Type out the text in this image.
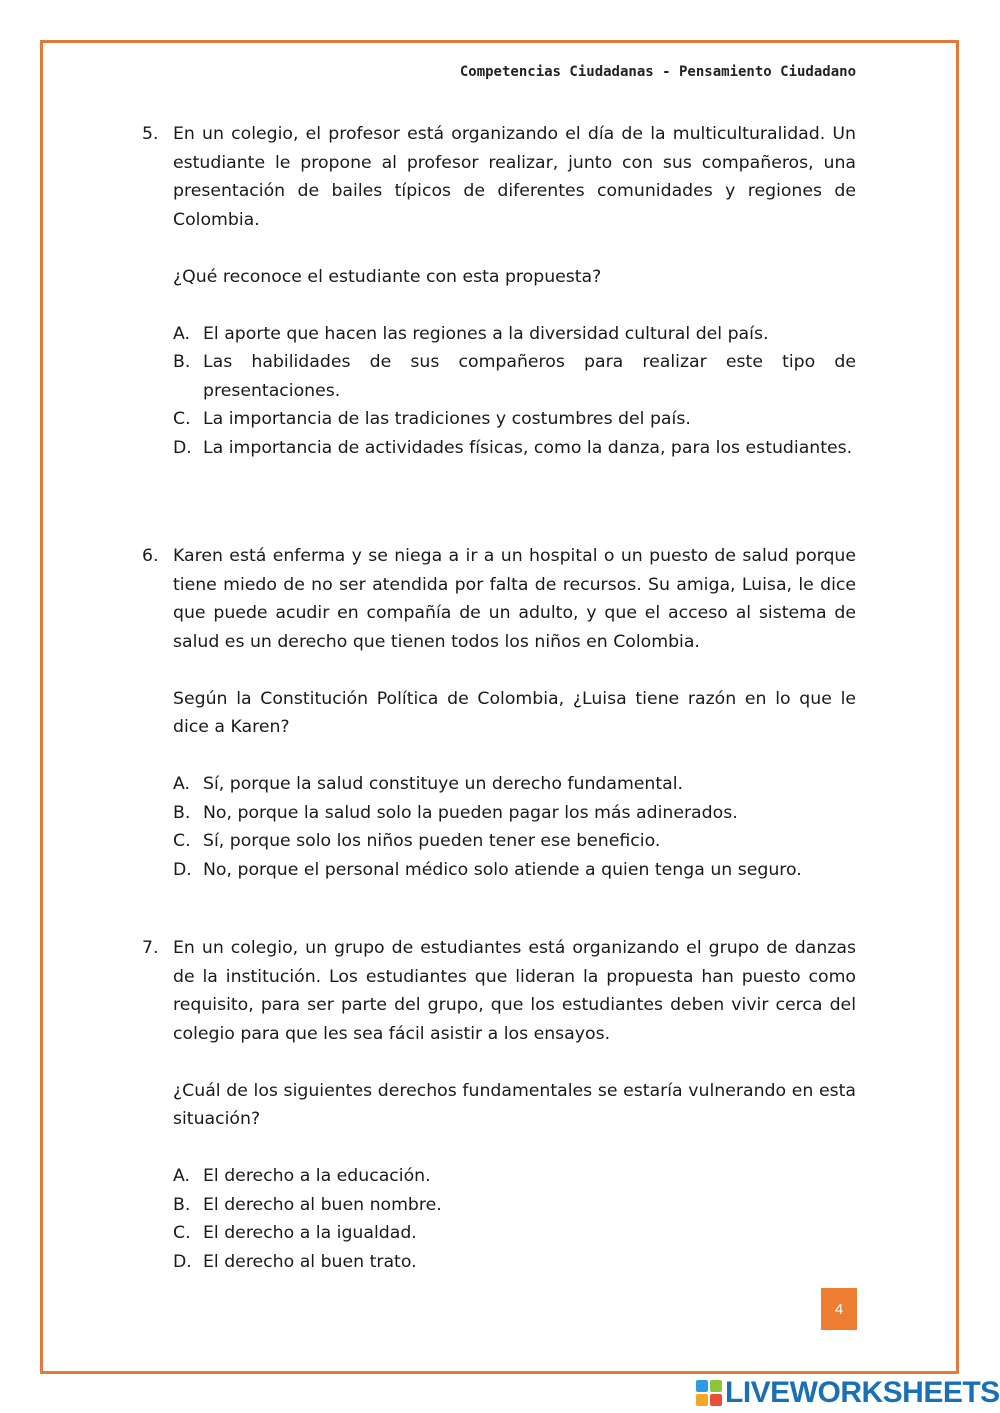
Competencias Ciudadanas - Pensamiento Ciudadano
5. En un colegio, el profesor está organizando el día de la multiculturalidad. Un estudiante le propone al profesor realizar, junto con sus compañeros, una presentación de bailes típicos de diferentes comunidades y regiones de Colombia.

¿Qué reconoce el estudiante con esta propuesta?

A. El aporte que hacen las regiones a la diversidad cultural del país.
B. Las habilidades de sus compañeros para realizar este tipo de presentaciones.
C. La importancia de las tradiciones y costumbres del país.
D. La importancia de actividades físicas, como la danza, para los estudiantes.
6. Karen está enferma y se niega a ir a un hospital o un puesto de salud porque tiene miedo de no ser atendida por falta de recursos. Su amiga, Luisa, le dice que puede acudir en compañía de un adulto, y que el acceso al sistema de salud es un derecho que tienen todos los niños en Colombia.

Según la Constitución Política de Colombia, ¿Luisa tiene razón en lo que le dice a Karen?

A. Sí, porque la salud constituye un derecho fundamental.
B. No, porque la salud solo la pueden pagar los más adinerados.
C. Sí, porque solo los niños pueden tener ese beneficio.
D. No, porque el personal médico solo atiende a quien tenga un seguro.
7. En un colegio, un grupo de estudiantes está organizando el grupo de danzas de la institución. Los estudiantes que lideran la propuesta han puesto como requisito, para ser parte del grupo, que los estudiantes deben vivir cerca del colegio para que les sea fácil asistir a los ensayos.

¿Cuál de los siguientes derechos fundamentales se estaría vulnerando en esta situación?

A. El derecho a la educación.
B. El derecho al buen nombre.
C. El derecho a la igualdad.
D. El derecho al buen trato.
4
LIVEWORKSHEETS
